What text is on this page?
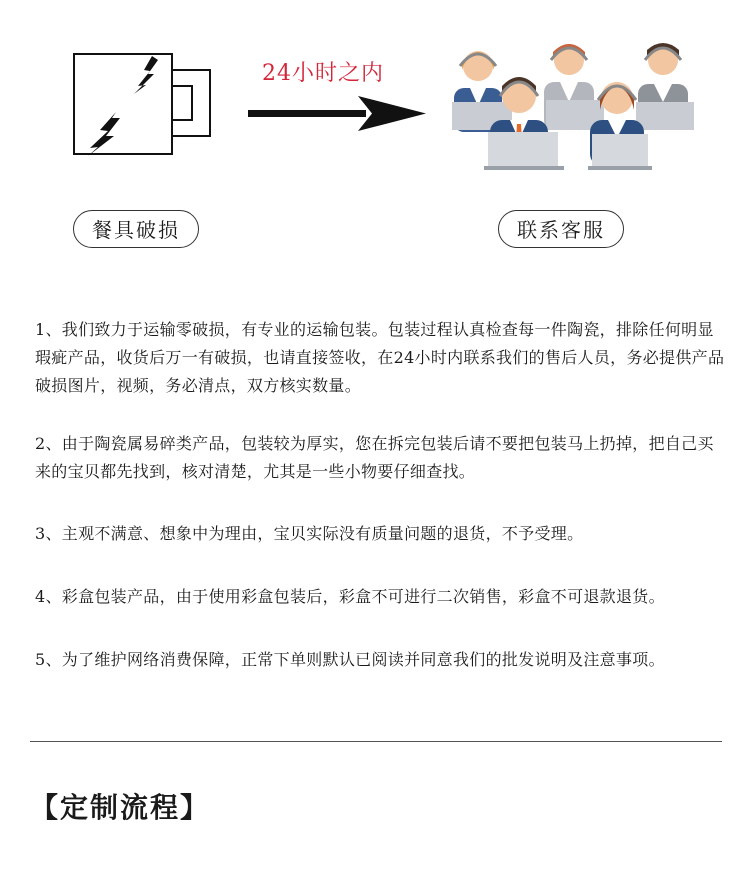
24小时之内
餐具破损	联系客服
1、我们致力于运输零破损，有专业的运输包装。包装过程认真检查每一件陶瓷，排除任何明显瑕疵产品，收货后万一有破损，也请直接签收，在24小时内联系我们的售后人员，务必提供产品破损图片，视频，务必清点，双方核实数量。
2、由于陶瓷属易碎类产品，包装较为厚实，您在拆完包装后请不要把包装马上扔掉，把自己买来的宝贝都先找到，核对清楚，尤其是一些小物要仔细查找。
3、主观不满意、想象中为理由，宝贝实际没有质量问题的退货，不予受理。
4、彩盒包装产品，由于使用彩盒包装后，彩盒不可进行二次销售，彩盒不可退款退货。
5、为了维护网络消费保障，正常下单则默认已阅读并同意我们的批发说明及注意事项。
【定制流程】
